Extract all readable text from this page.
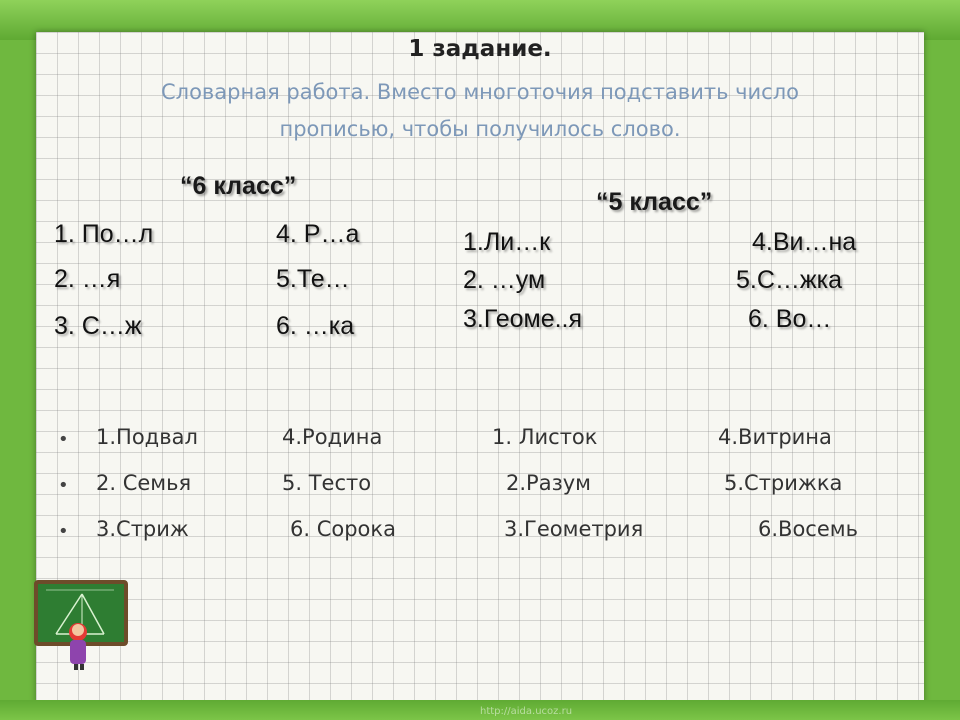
1 задание.
Словарная работа. Вместо многоточия подставить число
прописью, чтобы получилось слово.
“6 класс”
1. По…л
2. …я
3. С…ж
4. Р…а
5.Те…
6. …ка
“5 класс”
1.Ли…к
2. …ум
3.Геоме..я
4.Ви…на
5.С…жка
6. Во…
• 1.Подвал	4.Родина	1. Листок	4.Витрина
• 2. Семья	5. Тесто	2.Разум	5.Стрижка
• 3.Стриж	6. Сорока	3.Геометрия	6.Восемь
http://aida.ucoz.ru
